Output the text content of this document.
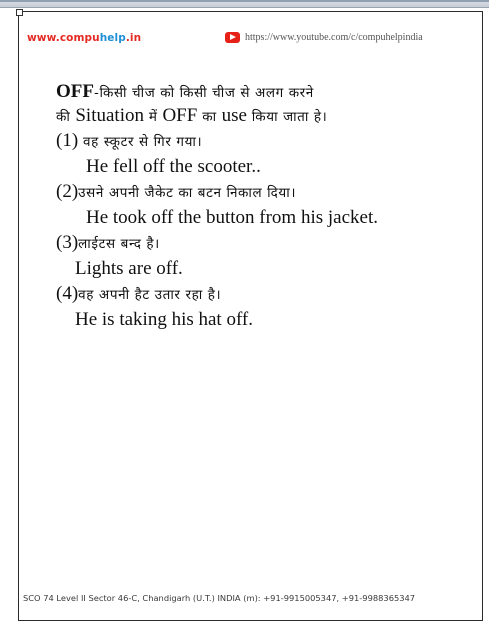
www.compuhelp.in	https://www.youtube.com/c/compuhelpindia
OFF-किसी चीज को किसी चीज से अलग करने
की Situation में OFF का use किया जाता हे।
(1) वह स्कूटर से गिर गया।
He fell off the scooter..
(2)उसने अपनी जैकेट का बटन निकाल दिया।
He took off the button from his jacket.
(3)लाईटस बन्द है।
Lights are off.
(4)वह अपनी हैट उतार रहा है।
He is taking his hat off.
SCO 74 Level II Sector 46-C, Chandigarh (U.T.) INDIA (m): +91-9915005347, +91-9988365347
